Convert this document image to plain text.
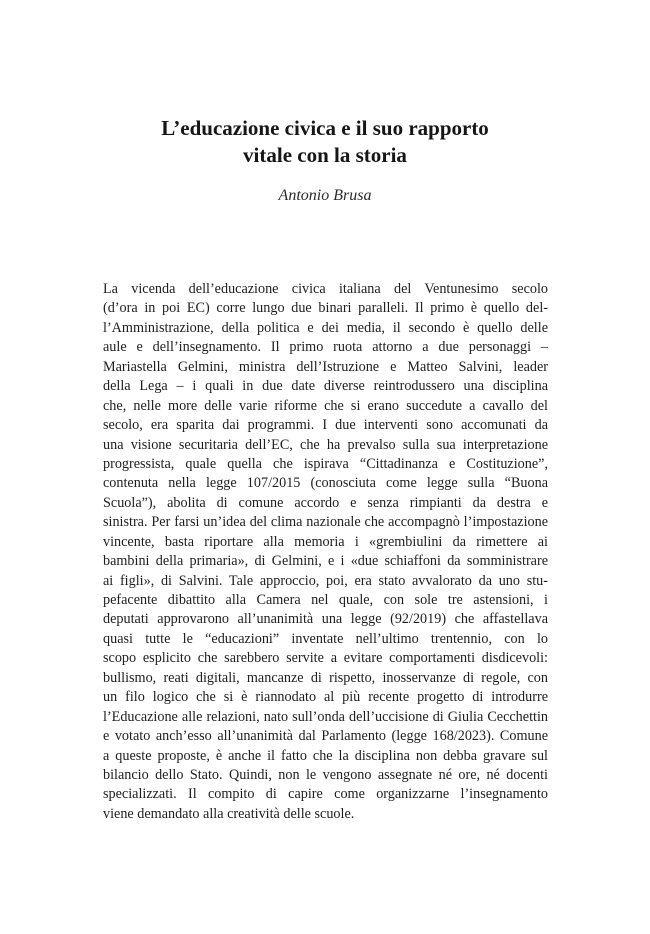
L’educazione civica e il suo rapporto
vitale con la storia
Antonio Brusa
La vicenda dell’educazione civica italiana del Ventunesimo secolo
(d’ora in poi EC) corre lungo due binari paralleli. Il primo è quello del-
l’Amministrazione, della politica e dei media, il secondo è quello delle
aule e dell’insegnamento. Il primo ruota attorno a due personaggi –
Mariastella Gelmini, ministra dell’Istruzione e Matteo Salvini, leader
della Lega – i quali in due date diverse reintrodussero una disciplina
che, nelle more delle varie riforme che si erano succedute a cavallo del
secolo, era sparita dai programmi. I due interventi sono accomunati da
una visione securitaria dell’EC, che ha prevalso sulla sua interpretazione
progressista, quale quella che ispirava “Cittadinanza e Costituzione”,
contenuta nella legge 107/2015 (conosciuta come legge sulla “Buona
Scuola”), abolita di comune accordo e senza rimpianti da destra e
sinistra. Per farsi un’idea del clima nazionale che accompagnò l’impostazione
vincente, basta riportare alla memoria i «grembiulini da rimettere ai
bambini della primaria», di Gelmini, e i «due schiaffoni da somministrare
ai figli», di Salvini. Tale approccio, poi, era stato avvalorato da uno stu-
pefacente dibattito alla Camera nel quale, con sole tre astensioni, i
deputati approvarono all’unanimità una legge (92/2019) che affastellava
quasi tutte le “educazioni” inventate nell’ultimo trentennio, con lo
scopo esplicito che sarebbero servite a evitare comportamenti disdicevoli:
bullismo, reati digitali, mancanze di rispetto, inosservanze di regole, con
un filo logico che si è riannodato al più recente progetto di introdurre
l’Educazione alle relazioni, nato sull’onda dell’uccisione di Giulia Cecchettin
e votato anch’esso all’unanimità dal Parlamento (legge 168/2023). Comune
a queste proposte, è anche il fatto che la disciplina non debba gravare sul
bilancio dello Stato. Quindi, non le vengono assegnate né ore, né docenti
specializzati. Il compito di capire come organizzarne l’insegnamento
viene demandato alla creatività delle scuole.
